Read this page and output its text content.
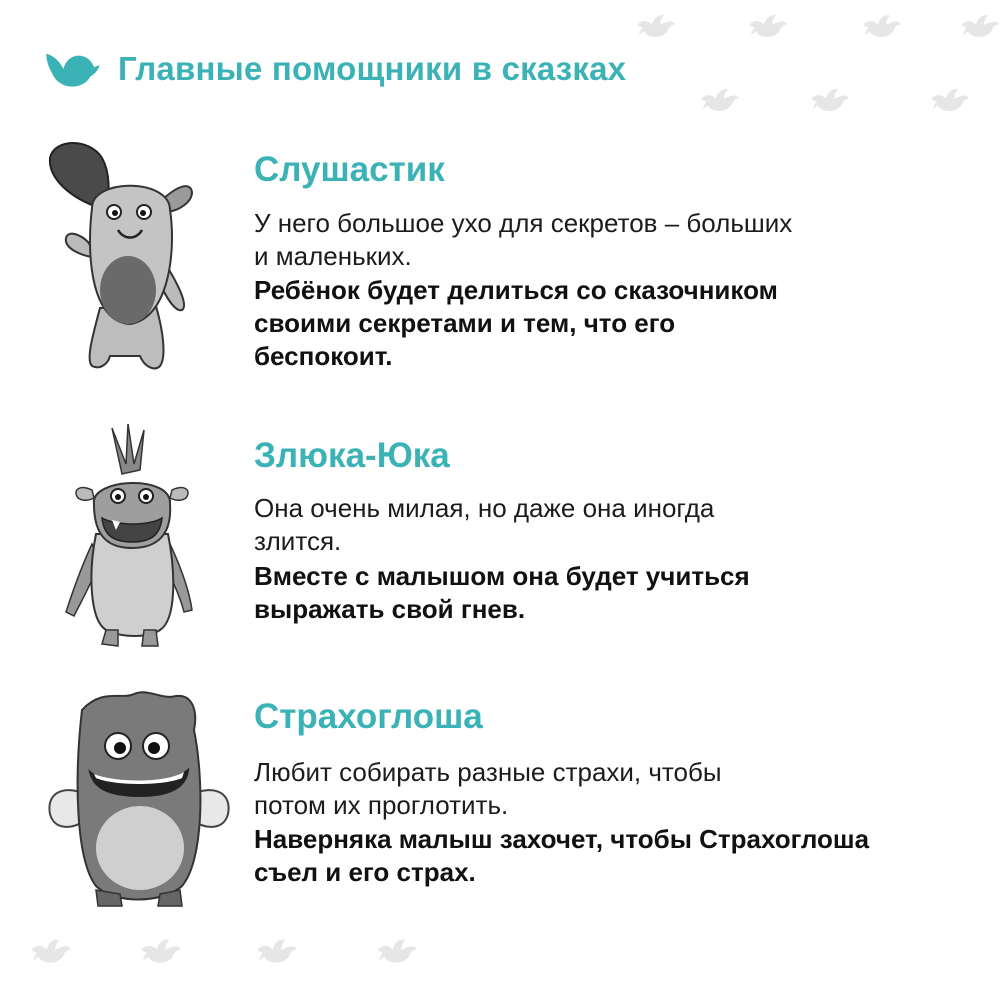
Главные помощники в сказках
Слушастик

У него большое ухо для секретов – больших
и маленьких.

Ребёнок будет делиться со сказочником
своими секретами и тем, что его
беспокоит.

Злюка-Юка

Она очень милая, но даже она иногда
злится.

Вместе с малышом она будет учиться
выражать свой гнев.

Страхоглоша

Любит собирать разные страхи, чтобы
потом их проглотить.

Наверняка малыш захочет, чтобы Страхоглоша
съел и его страх.
